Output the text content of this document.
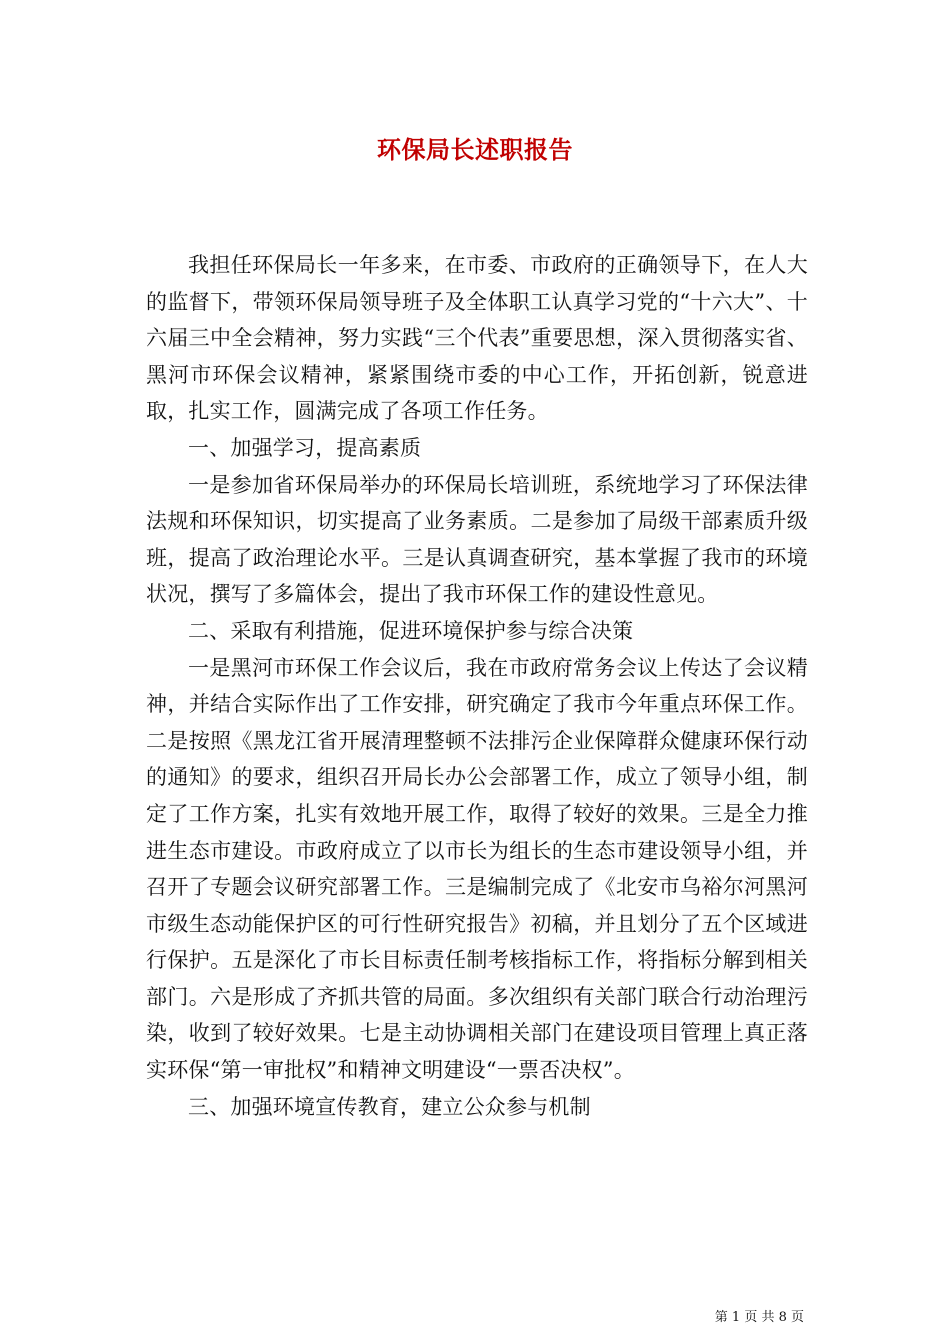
环保局长述职报告

我担任环保局长一年多来，在市委、市政府的正确领导下，在人大的监督下，带领环保局领导班子及全体职工认真学习党的“十六大”、十六届三中全会精神，努力实践“三个代表”重要思想，深入贯彻落实省、黑河市环保会议精神，紧紧围绕市委的中心工作，开拓创新，锐意进取，扎实工作，圆满完成了各项工作任务。

一、加强学习，提高素质

一是参加省环保局举办的环保局长培训班，系统地学习了环保法律法规和环保知识，切实提高了业务素质。二是参加了局级干部素质升级班，提高了政治理论水平。三是认真调查研究，基本掌握了我市的环境状况，撰写了多篇体会，提出了我市环保工作的建设性意见。

二、采取有利措施，促进环境保护参与综合决策

一是黑河市环保工作会议后，我在市政府常务会议上传达了会议精神，并结合实际作出了工作安排，研究确定了我市今年重点环保工作。二是按照《黑龙江省开展清理整顿不法排污企业保障群众健康环保行动的通知》的要求，组织召开局长办公会部署工作，成立了领导小组，制定了工作方案，扎实有效地开展工作，取得了较好的效果。三是全力推进生态市建设。市政府成立了以市长为组长的生态市建设领导小组，并召开了专题会议研究部署工作。三是编制完成了《北安市乌裕尔河黑河市级生态动能保护区的可行性研究报告》初稿，并且划分了五个区域进行保护。五是深化了市长目标责任制考核指标工作，将指标分解到相关部门。六是形成了齐抓共管的局面。多次组织有关部门联合行动治理污染，收到了较好效果。七是主动协调相关部门在建设项目管理上真正落实环保“第一审批权”和精神文明建设“一票否决权”。

三、加强环境宣传教育，建立公众参与机制

第 1 页 共 8 页
